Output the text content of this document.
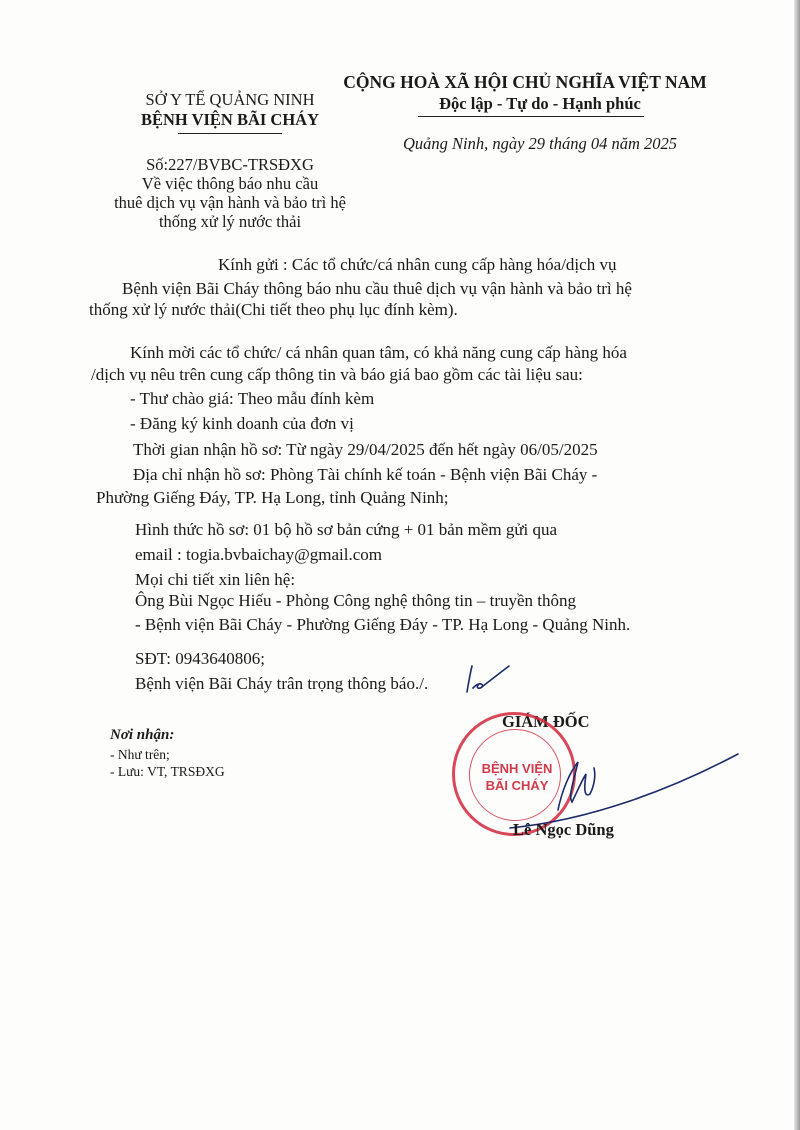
SỞ Y TẾ QUẢNG NINH
BỆNH VIỆN BÃI CHÁY
Số:227/BVBC-TRSĐXG
Về việc thông báo nhu cầu
thuê dịch vụ vận hành và bảo trì hệ
thống xử lý nước thải
CỘNG HOÀ XÃ HỘI CHỦ NGHĨA VIỆT NAM
Độc lập - Tự do - Hạnh phúc
Quảng Ninh, ngày 29 tháng 04 năm 2025
Kính gửi : Các tổ chức/cá nhân cung cấp hàng hóa/dịch vụ
Bệnh viện Bãi Cháy thông báo nhu cầu thuê dịch vụ vận hành và bảo trì hệ
thống xử lý nước thải(Chi tiết theo phụ lục đính kèm).
Kính mời các tổ chức/ cá nhân quan tâm, có khả năng cung cấp hàng hóa
/dịch vụ nêu trên cung cấp thông tin và báo giá bao gồm các tài liệu sau:
- Thư chào giá: Theo mẫu đính kèm
- Đăng ký kinh doanh của đơn vị
Thời gian nhận hồ sơ: Từ ngày 29/04/2025 đến hết ngày 06/05/2025
Địa chỉ nhận hồ sơ: Phòng Tài chính kế toán - Bệnh viện Bãi Cháy -
Phường Giếng Đáy, TP. Hạ Long, tỉnh Quảng Ninh;
Hình thức hồ sơ: 01 bộ hồ sơ bản cứng + 01 bản mềm gửi qua
email : togia.bvbaichay@gmail.com
Mọi chi tiết xin liên hệ:
Ông Bùi Ngọc Hiếu - Phòng Công nghệ thông tin – truyền thông
- Bệnh viện Bãi Cháy - Phường Giếng Đáy - TP. Hạ Long - Quảng Ninh.
SĐT: 0943640806;
Bệnh viện Bãi Cháy trân trọng thông báo./.
Nơi nhận:
- Như trên;
- Lưu: VT, TRSĐXG
GIÁM ĐỐC
BỆNH VIỆN
BÃI CHÁY
Lê Ngọc Dũng
